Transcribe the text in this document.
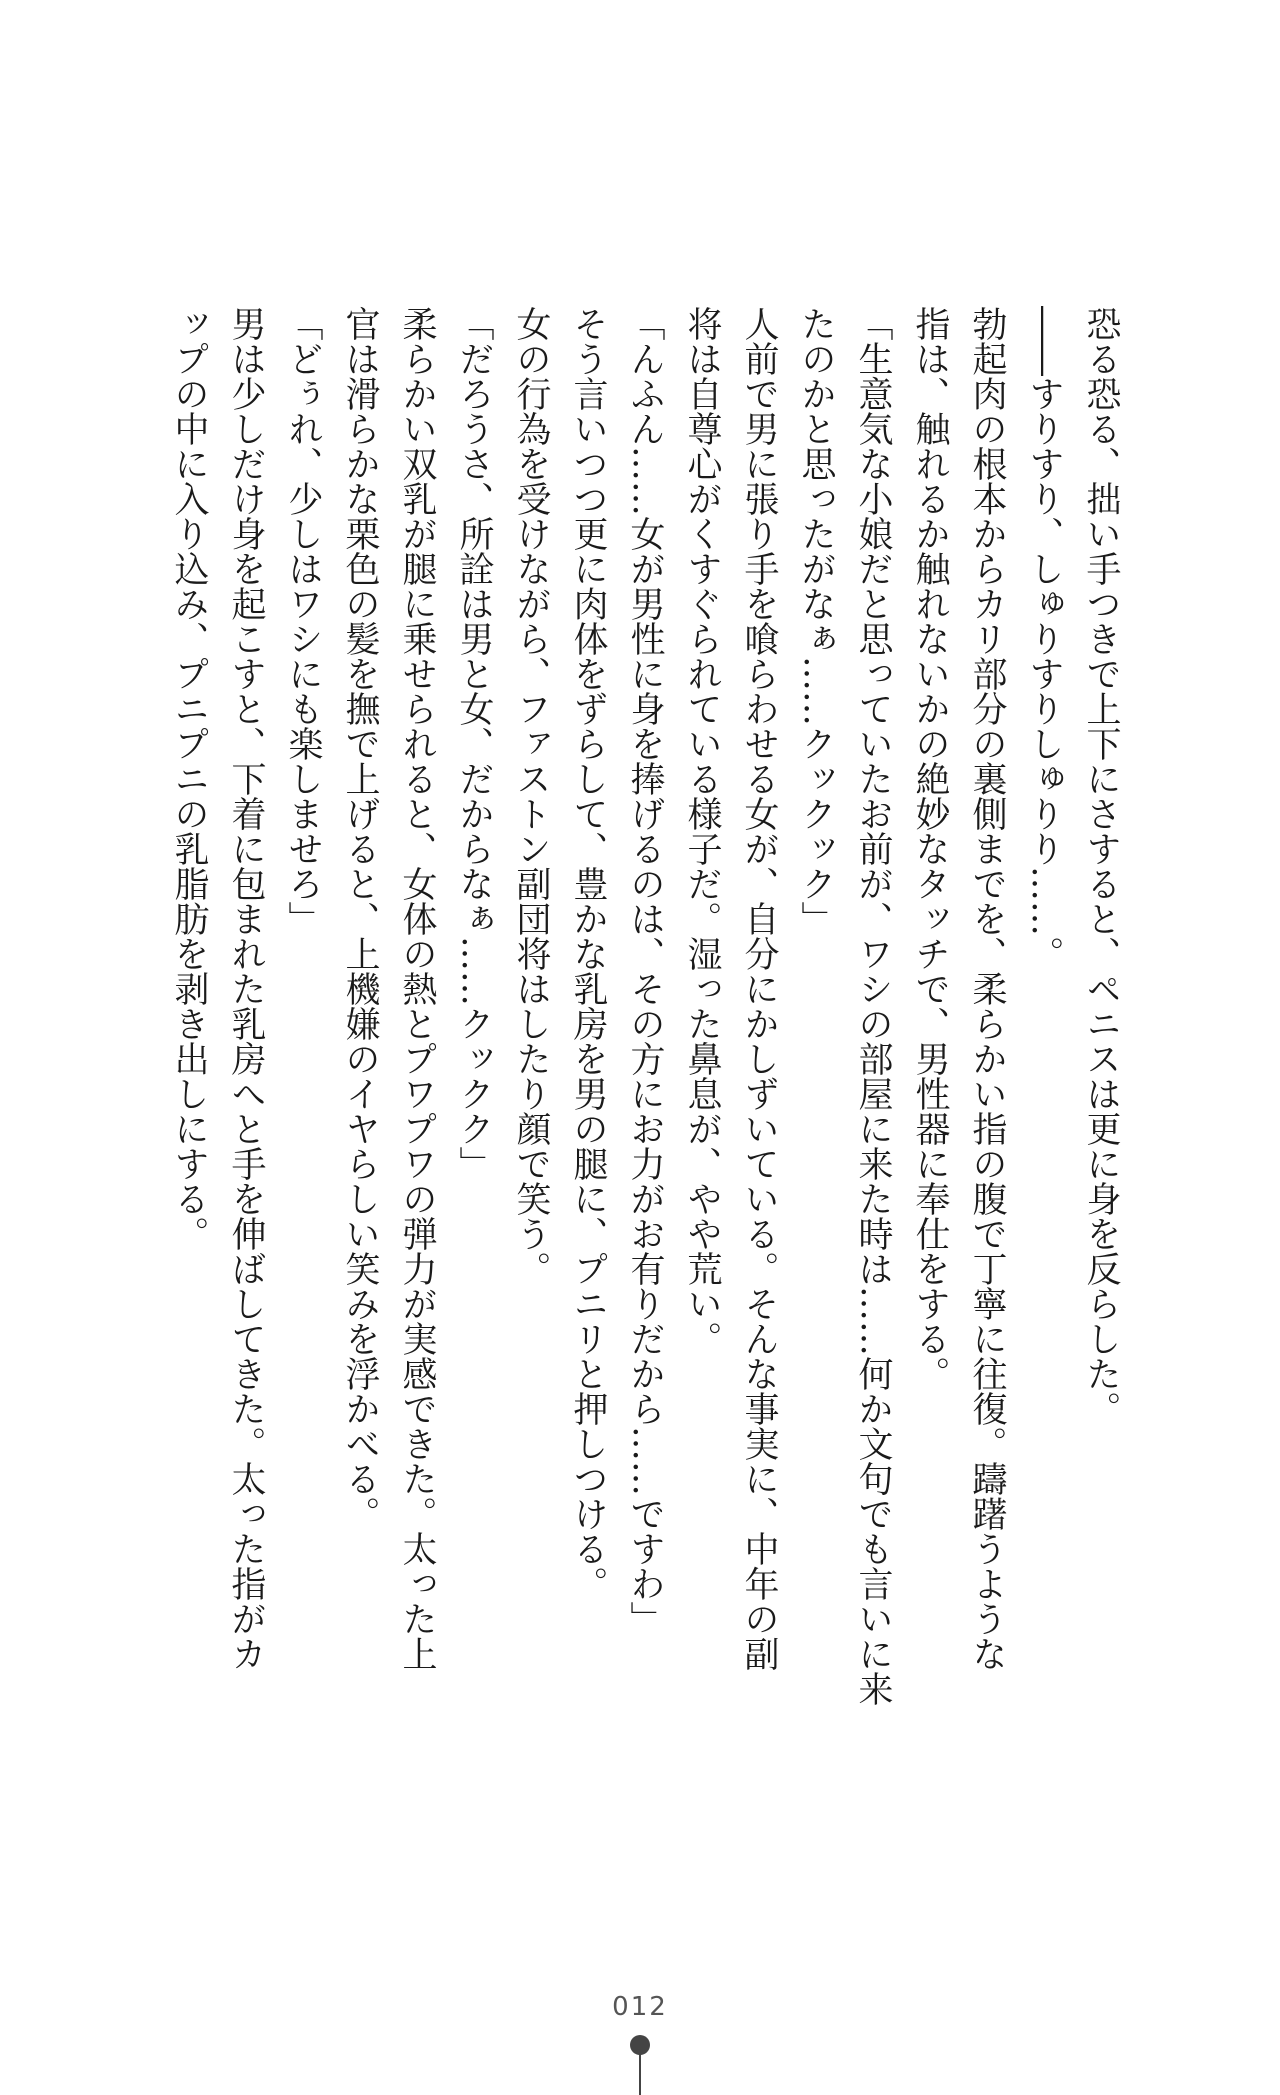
恐る恐る、拙い手つきで上下にさすると、ペニスは更に身を反らした。
――すりすり、しゅりすりしゅりり……。
勃起肉の根本からカリ部分の裏側までを、柔らかい指の腹で丁寧に往復。躊躇うような
指は、触れるか触れないかの絶妙なタッチで、男性器に奉仕をする。
「生意気な小娘だと思っていたお前が、ワシの部屋に来た時は……何か文句でも言いに来
たのかと思ったがなぁ……クックック」
人前で男に張り手を喰らわせる女が、自分にかしずいている。そんな事実に、中年の副
将は自尊心がくすぐられている様子だ。湿った鼻息が、やや荒い。
「んふん……女が男性に身を捧げるのは、その方にお力がお有りだから……ですわ」
そう言いつつ更に肉体をずらして、豊かな乳房を男の腿に、プニリと押しつける。
女の行為を受けながら、ファストン副団将はしたり顔で笑う。
「だろうさ、所詮は男と女、だからなぁ……クックク」
柔らかい双乳が腿に乗せられると、女体の熱とプワプワの弾力が実感できた。太った上
官は滑らかな栗色の髪を撫で上げると、上機嫌のイヤらしい笑みを浮かべる。
「どぅれ、少しはワシにも楽しませろ」
男は少しだけ身を起こすと、下着に包まれた乳房へと手を伸ばしてきた。太った指がカ
ップの中に入り込み、プニプニの乳脂肪を剥き出しにする。
012
